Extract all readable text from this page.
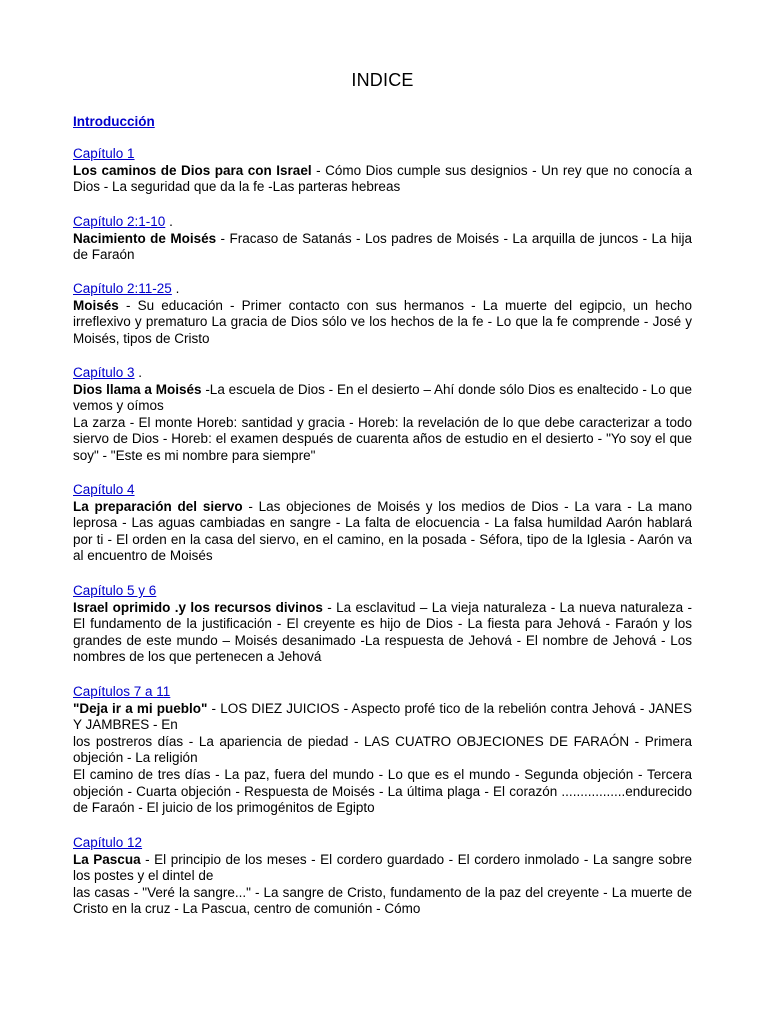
INDICE
Introducción
Capítulo 1
Los caminos de Dios para con Israel - Cómo Dios cumple sus designios - Un rey que no conocía a Dios - La seguridad que da la fe -Las parteras hebreas
Capítulo 2:1-10 .
Nacimiento de Moisés - Fracaso de Satanás - Los padres de Moisés - La arquilla de juncos - La hija de Faraón
Capítulo 2:11-25 .
Moisés - Su educación - Primer contacto con sus hermanos - La muerte del egipcio, un hecho irreflexivo y prematuro La gracia de Dios sólo ve los hechos de la fe - Lo que la fe comprende - José y Moisés, tipos de Cristo
Capítulo 3 .
Dios llama a Moisés -La escuela de Dios - En el desierto – Ahí donde sólo Dios es enaltecido - Lo que vemos y oímos
La zarza - El monte Horeb: santidad y gracia - Horeb: la revelación de lo que debe caracterizar a todo siervo de Dios - Horeb: el examen después de cuarenta años de estudio en el desierto - "Yo soy el que soy" - "Este es mi nombre para siempre"
Capítulo 4
La preparación del siervo - Las objeciones de Moisés y los medios de Dios - La vara - La mano leprosa - Las aguas cambiadas en sangre - La falta de elocuencia - La falsa humildad Aarón hablará por ti - El orden en la casa del siervo, en el camino, en la posada - Séfora, tipo de la Iglesia - Aarón va al encuentro de Moisés
Capítulo 5 y 6
Israel oprimido .y los recursos divinos - La esclavitud – La vieja naturaleza - La nueva naturaleza - El fundamento de la justificación - El creyente es hijo de Dios - La fiesta para Jehová - Faraón y los grandes de este mundo – Moisés desanimado -La respuesta de Jehová - El nombre de Jehová - Los nombres de los que pertenecen a Jehová
Capítulos 7 a 11
"Deja ir a mi pueblo" - LOS DIEZ JUICIOS - Aspecto profé tico de la rebelión contra Jehová - JANES Y JAMBRES - En
los postreros días - La apariencia de piedad - LAS CUATRO OBJECIONES DE FARAÓN - Primera objeción - La religión
El camino de tres días - La paz, fuera del mundo - Lo que es el mundo - Segunda objeción - Tercera objeción - Cuarta objeción - Respuesta de Moisés - La última plaga - El corazón .................endurecido de Faraón - El juicio de los primogénitos de Egipto
Capítulo 12
La Pascua - El principio de los meses - El cordero guardado - El cordero inmolado - La sangre sobre los postes y el dintel de
las casas - "Veré la sangre..." - La sangre de Cristo, fundamento de la paz del creyente - La muerte de Cristo en la cruz - La Pascua, centro de comunión - Cómo
